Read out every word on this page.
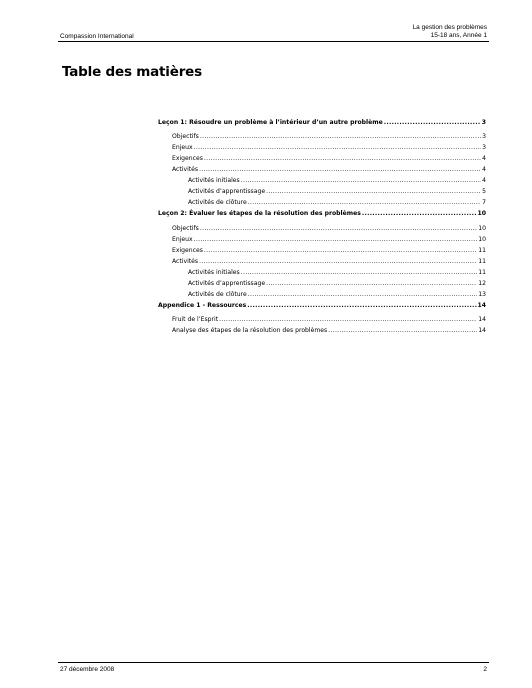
Compassion International
La gestion des problèmes
15-18 ans, Année 1
Table des matières
Leçon 1: Résoudre un problème à l’intérieur d’un autre problème .....	3
Objectifs .....	3
Enjeux .....	3
Exigences .....	4
Activités .....	4
Activités initiales .....	4
Activités d’apprentissage .....	5
Activités de clôture .....	7
Leçon 2: Évaluer les étapes de la résolution des problèmes .....	10
Objectifs .....	10
Enjeux .....	10
Exigences .....	11
Activités .....	11
Activités initiales .....	11
Activités d’apprentissage .....	12
Activités de clôture .....	13
Appendice 1 - Ressources .....	14
Fruit de l’Esprit .....	14
Analyse des étapes de la résolution des problèmes .....	14
27 décembre 2008	2
